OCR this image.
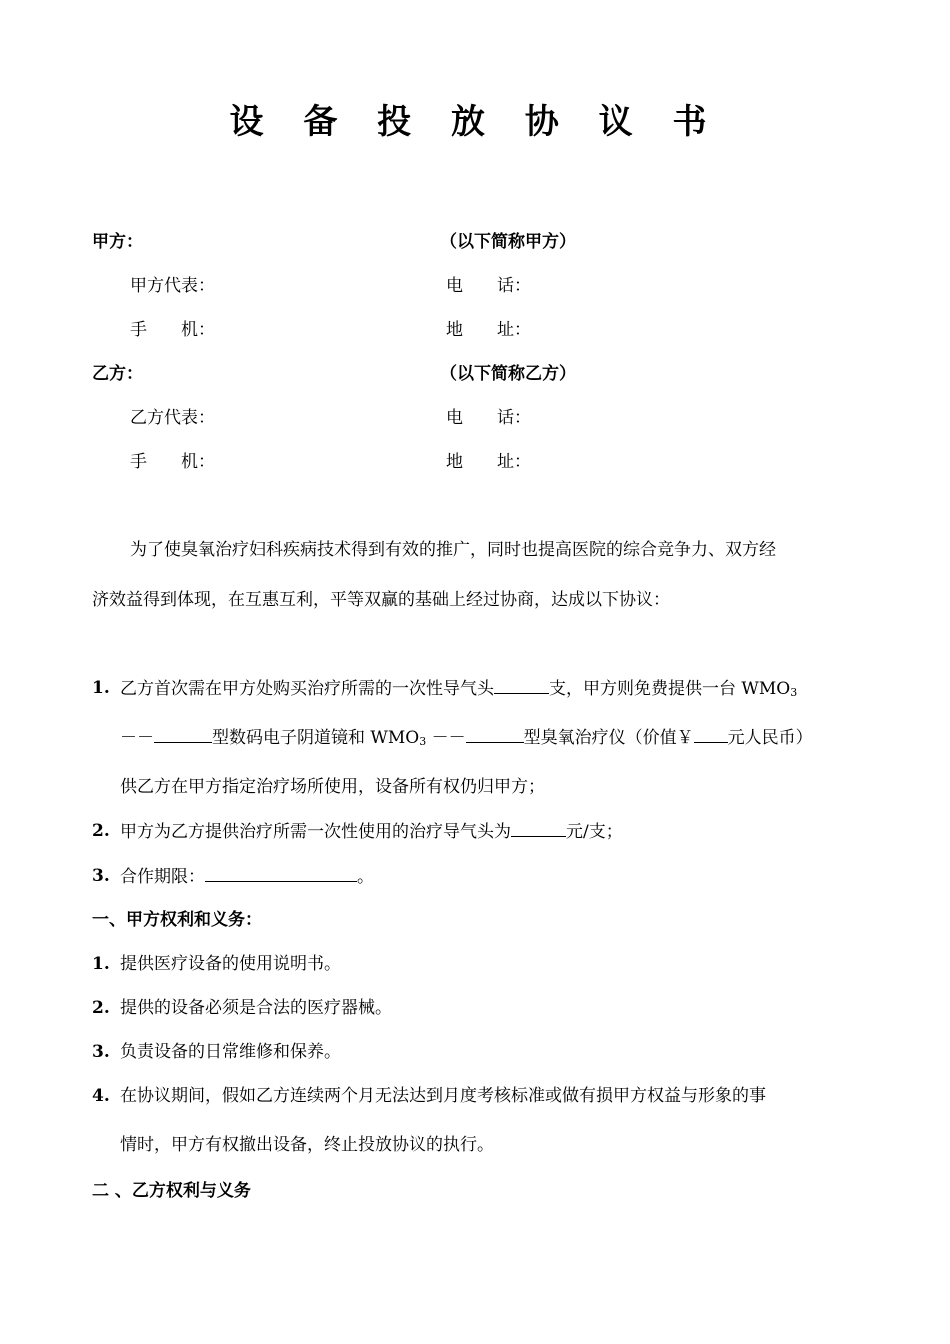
设 备 投 放 协 议 书
甲方：	（以下简称甲方）
甲方代表：	电　　话：
手　　机：	地　　址：
乙方：	（以下简称乙方）
乙方代表：	电　　话：
手　　机：	地　　址：
为了使臭氧治疗妇科疾病技术得到有效的推广，同时也提高医院的综合竞争力、双方经
济效益得到体现，在互惠互利，平等双赢的基础上经过协商，达成以下协议：
1. 乙方首次需在甲方处购买治疗所需的一次性导气头	支，甲方则免费提供一台 $WMO_3$
－－	型数码电子阴道镜和 $WMO_3$ －－	型臭氧治疗仪（价值￥ 元人民币）
供乙方在甲方指定治疗场所使用，设备所有权仍归甲方；
2. 甲方为乙方提供治疗所需一次性使用的治疗导气头为	元/支；
3. 合作期限：	。
一、甲方权利和义务：
1. 提供医疗设备的使用说明书。
2. 提供的设备必须是合法的医疗器械。
3. 负责设备的日常维修和保养。
4. 在协议期间，假如乙方连续两个月无法达到月度考核标准或做有损甲方权益与形象的事
情时，甲方有权撤出设备，终止投放协议的执行。
二 、乙方权利与义务
